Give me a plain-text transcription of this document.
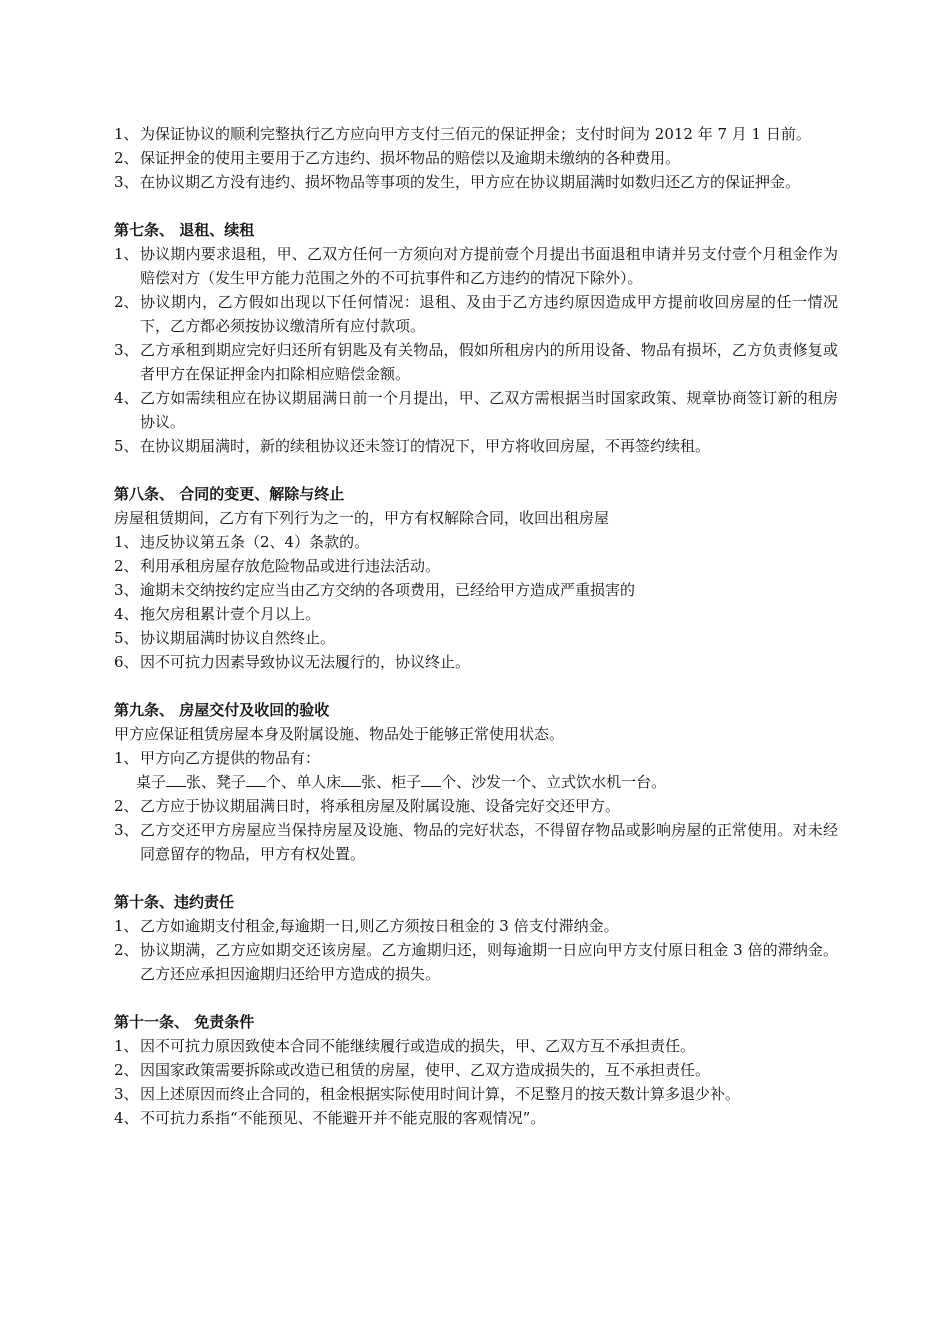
1、 为保证协议的顺利完整执行乙方应向甲方支付三佰元的保证押金；支付时间为 2012 年 7 月 1 日前。
2、 保证押金的使用主要用于乙方违约、损坏物品的赔偿以及逾期未缴纳的各种费用。
3、 在协议期乙方没有违约、损坏物品等事项的发生，甲方应在协议期届满时如数归还乙方的保证押金。

第七条、 退租、续租

1、 协议期内要求退租，甲、乙双方任何一方须向对方提前壹个月提出书面退租申请并另支付壹个月租金作为赔偿对方（发生甲方能力范围之外的不可抗事件和乙方违约的情况下除外）。
2、 协议期内，乙方假如出现以下任何情况：退租、及由于乙方违约原因造成甲方提前收回房屋的任一情况下，乙方都必须按协议缴清所有应付款项。
3、 乙方承租到期应完好归还所有钥匙及有关物品，假如所租房内的所用设备、物品有损坏，乙方负责修复或者甲方在保证押金内扣除相应赔偿金额。
4、 乙方如需续租应在协议期届满日前一个月提出，甲、乙双方需根据当时国家政策、规章协商签订新的租房协议。
5、 在协议期届满时，新的续租协议还未签订的情况下，甲方将收回房屋，不再签约续租。

第八条、 合同的变更、解除与终止

房屋租赁期间，乙方有下列行为之一的，甲方有权解除合同，收回出租房屋

1、 违反协议第五条（2、4）条款的。
2、 利用承租房屋存放危险物品或进行违法活动。
3、 逾期未交纳按约定应当由乙方交纳的各项费用，已经给甲方造成严重损害的
4、 拖欠房租累计壹个月以上。
5、 协议期届满时协议自然终止。
6、 因不可抗力因素导致协议无法履行的，协议终止。

第九条、 房屋交付及收回的验收

甲方应保证租赁房屋本身及附属设施、物品处于能够正常使用状态。

1、 甲方向乙方提供的物品有：

桌子 张、凳子 个、单人床 张、柜子 个、沙发一个、立式饮水机一台。

2、 乙方应于协议期届满日时，将承租房屋及附属设施、设备完好交还甲方。
3、 乙方交还甲方房屋应当保持房屋及设施、物品的完好状态，不得留存物品或影响房屋的正常使用。对未经同意留存的物品，甲方有权处置。

第十条、违约责任

1、 乙方如逾期支付租金,每逾期一日,则乙方须按日租金的 3 倍支付滞纳金。
2、 协议期满，乙方应如期交还该房屋。乙方逾期归还，则每逾期一日应向甲方支付原日租金 3 倍的滞纳金。乙方还应承担因逾期归还给甲方造成的损失。

第十一条、 免责条件

1、 因不可抗力原因致使本合同不能继续履行或造成的损失，甲、乙双方互不承担责任。
2、 因国家政策需要拆除或改造已租赁的房屋，使甲、乙双方造成损失的，互不承担责任。
3、 因上述原因而终止合同的，租金根据实际使用时间计算，不足整月的按天数计算多退少补。
4、 不可抗力系指“不能预见、不能避开并不能克服的客观情况”。
